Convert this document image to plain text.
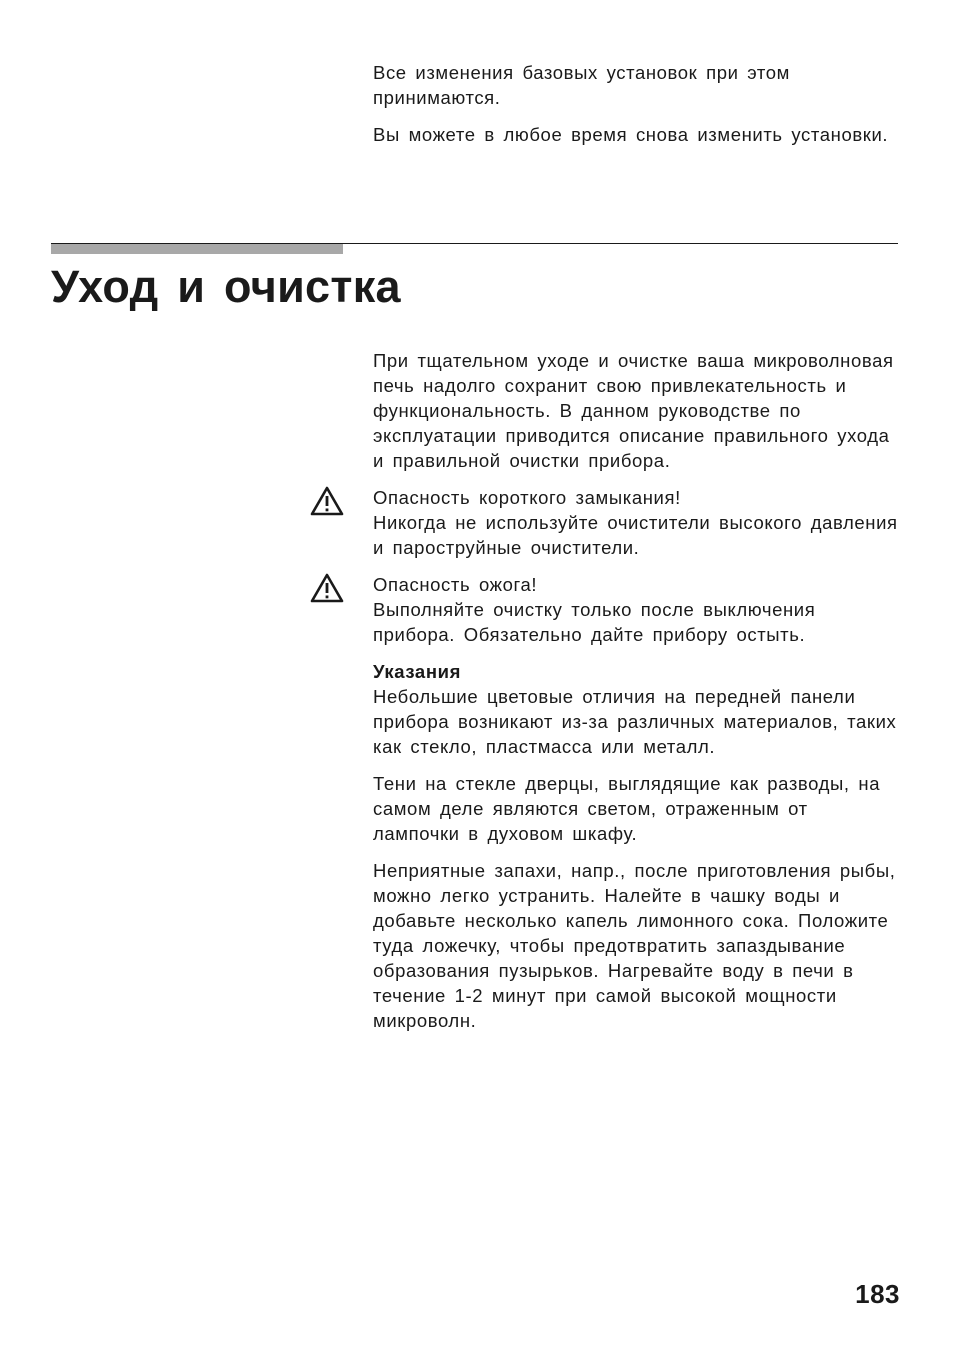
Все изменения базовых установок при этом принимаются.

Вы можете в любое время снова изменить установки.

Уход и очистка

При тщательном уходе и очистке ваша микроволновая печь надолго сохранит свою привлекательность и функциональность. В данном руководстве по эксплуатации приводится описание правильного ухода и правильной очистки прибора.

Опасность короткого замыкания!

Никогда не используйте очистители высокого давления и пароструйные очистители.

Опасность ожога!

Выполняйте очистку только после выключения прибора. Обязательно дайте прибору остыть.

Указания

Небольшие цветовые отличия на передней панели прибора возникают из-за различных материалов, таких как стекло, пластмасса или металл.

Тени на стекле дверцы, выглядящие как разводы, на самом деле являются светом, отраженным от лампочки в духовом шкафу.

Неприятные запахи, напр., после приготовления рыбы, можно легко устранить. Налейте в чашку воды и добавьте несколько капель лимонного сока. Положите туда ложечку, чтобы предотвратить запаздывание образования пузырьков. Нагревайте воду в печи в течение 1-2 минут при самой высокой мощности микроволн.

183
